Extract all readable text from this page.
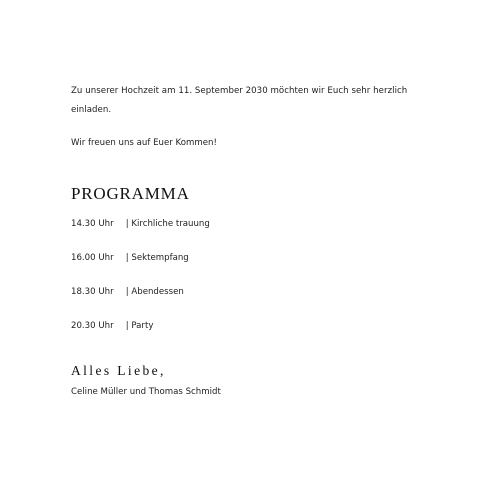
Zu unserer Hochzeit am 11. September 2030 möchten wir Euch sehr herzlich einladen.
Wir freuen uns auf Euer Kommen!
PROGRAMMA
14.30 Uhr | Kirchliche trauung
16.00 Uhr | Sektempfang
18.30 Uhr | Abendessen
20.30 Uhr | Party
Alles Liebe,
Celine Müller und Thomas Schmidt
